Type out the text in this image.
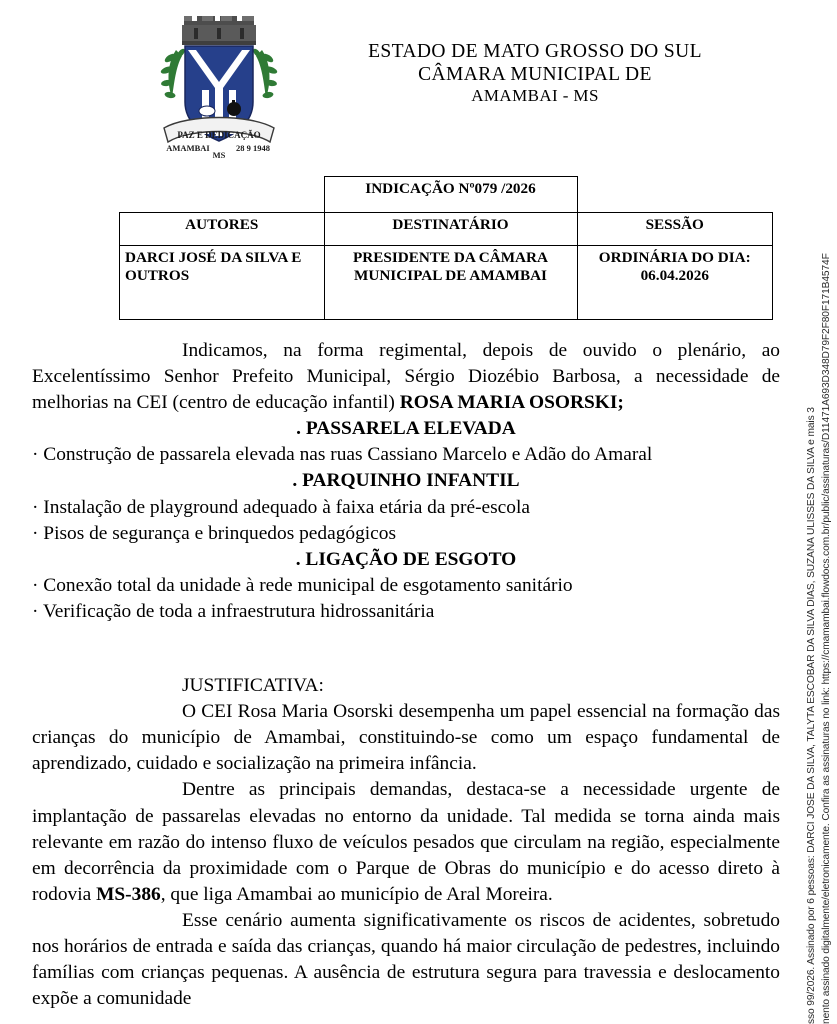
PAZ E DEDICAÇÃO
AMAMBAI
MS
28 9 1948
ESTADO DE MATO GROSSO DO SUL
CÂMARA MUNICIPAL DE
AMAMBAI - MS
	INDICAÇÃO Nº079 /2026	
AUTORES	DESTINATÁRIO	SESSÃO
DARCI JOSÉ DA SILVA E OUTROS	PRESIDENTE DA CÂMARA MUNICIPAL DE AMAMBAI	ORDINÁRIA DO DIA: 06.04.2026

Indicamos, na forma regimental, depois de ouvido o plenário, ao Excelentíssimo Senhor Prefeito Municipal, Sérgio Diozébio Barbosa, a necessidade de melhorias na CEI (centro de educação infantil) ROSA MARIA OSORSKI;

. PASSARELA ELEVADA

· Construção de passarela elevada nas ruas Cassiano Marcelo e Adão do Amaral

. PARQUINHO INFANTIL

· Instalação de playground adequado à faixa etária da pré-escola

· Pisos de segurança e brinquedos pedagógicos

. LIGAÇÃO DE ESGOTO

· Conexão total da unidade à rede municipal de esgotamento sanitário

· Verificação de toda a infraestrutura hidrossanitária

JUSTIFICATIVA:

O CEI Rosa Maria Osorski desempenha um papel essencial na formação das crianças do município de Amambai, constituindo-se como um espaço fundamental de aprendizado, cuidado e socialização na primeira infância.

Dentre as principais demandas, destaca-se a necessidade urgente de implantação de passarelas elevadas no entorno da unidade. Tal medida se torna ainda mais relevante em razão do intenso fluxo de veículos pesados que circulam na região, especialmente em decorrência da proximidade com o Parque de Obras do município e do acesso direto à rodovia MS-386, que liga Amambai ao município de Aral Moreira.

Esse cenário aumenta significativamente os riscos de acidentes, sobretudo nos horários de entrada e saída das crianças, quando há maior circulação de pedestres, incluindo famílias com crianças pequenas. A ausência de estrutura segura para travessia e deslocamento expõe a comunidade	sso 99/2026. Assinado por 6 pessoas: DARCI JOSE DA SILVA, TALYTA ESCOBAR DA SILVA DIAS, SUZANA ULISSES DA SILVA e mais 3 nento assinado digitalmente/eletronicamente. Confira as assinaturas no link: https://cmamambai.flowdocs.com.br/public/assinaturas/D11471A693D348D79F2F80F171B4574F
